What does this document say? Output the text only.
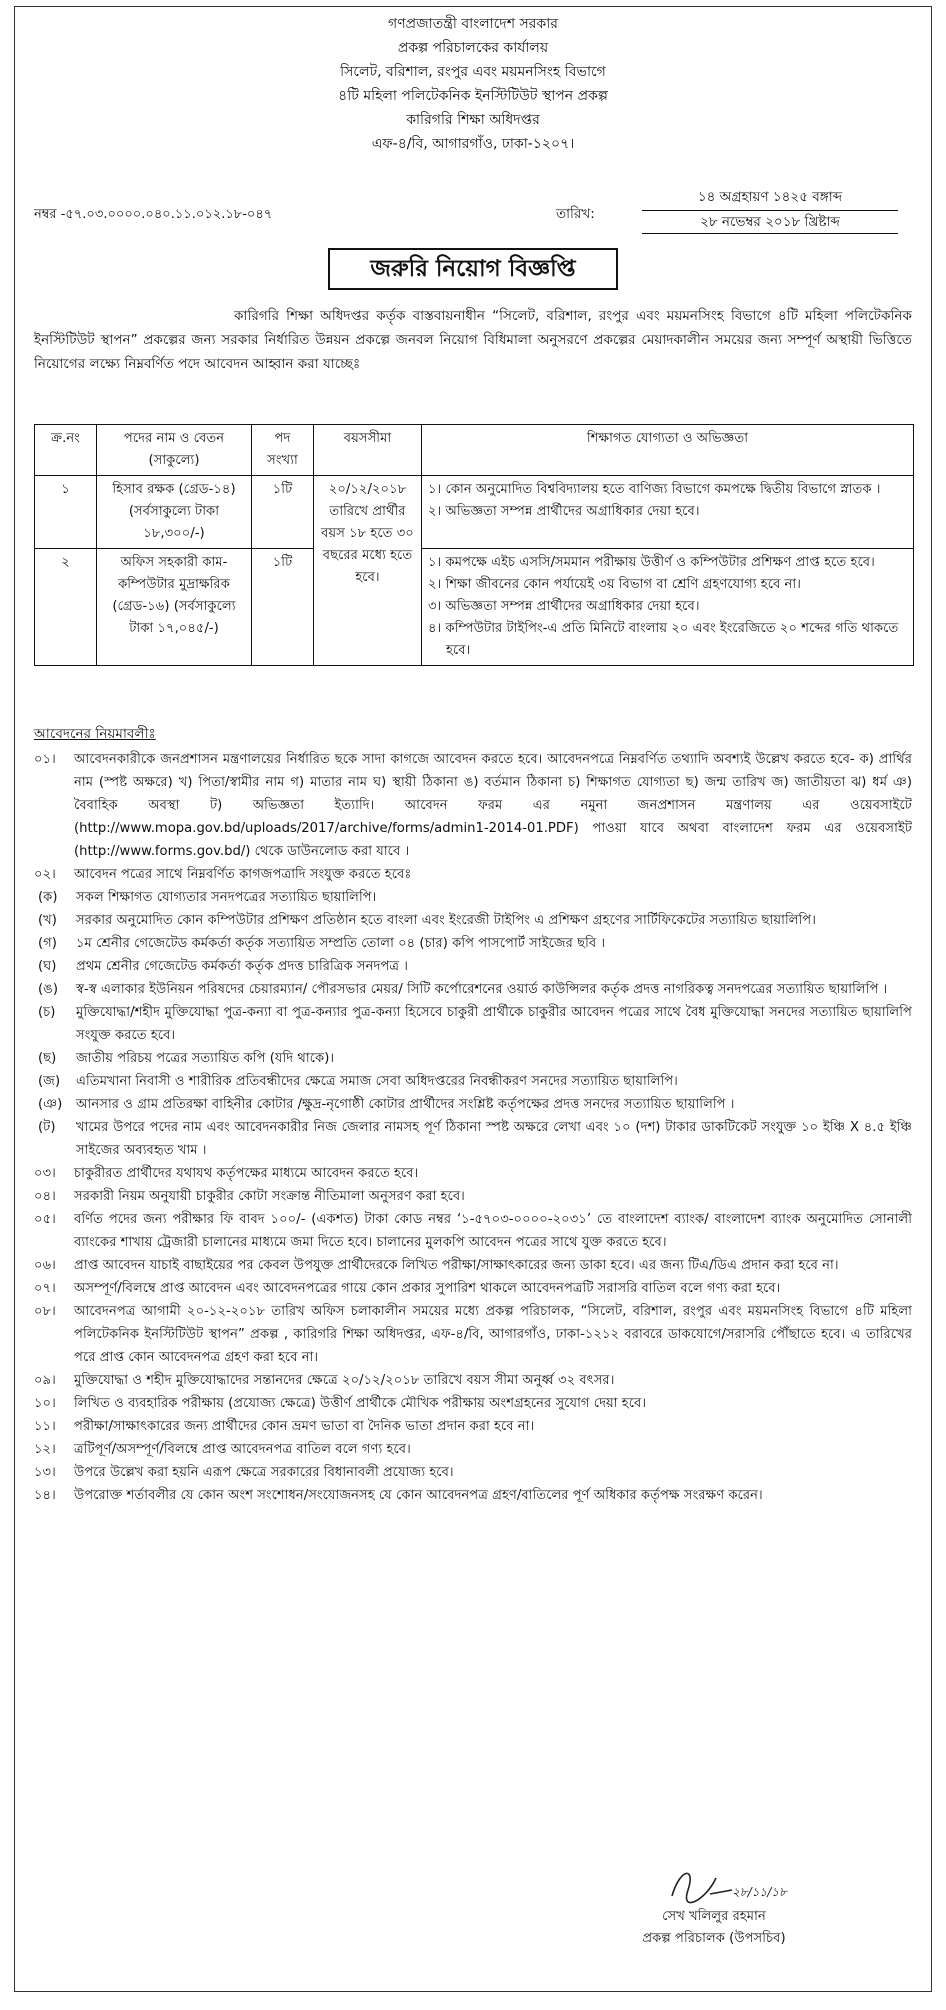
গণপ্রজাতন্ত্রী বাংলাদেশ সরকার
প্রকল্প পরিচালকের কার্যালয়
সিলেট, বরিশাল, রংপুর এবং ময়মনসিংহ বিভাগে
৪টি মহিলা পলিটেকনিক ইনস্টিটিউট স্থাপন প্রকল্প
কারিগরি শিক্ষা অধিদপ্তর
এফ-৪/বি, আগারগাঁও, ঢাকা-১২০৭।
নম্বর -৫৭.০৩.০০০০.০৪০.১১.০১২.১৮-০৪৭	তারিখ:
১৪ অগ্রহায়ণ ১৪২৫ বঙ্গাব্দ
২৮ নভেম্বর ২০১৮ খ্রিষ্টাব্দ
জরুরি নিয়োগ বিজ্ঞপ্তি

কারিগরি শিক্ষা অধিদপ্তর কর্তৃক বাস্তবায়নাধীন “সিলেট, বরিশাল, রংপুর এবং ময়মনসিংহ বিভাগে ৪টি মহিলা পলিটেকনিক ইনস্টিটিউট স্থাপন” প্রকল্পের জন্য সরকার নির্ধারিত উন্নয়ন প্রকল্পে জনবল নিয়োগ বিধিমালা অনুসরণে প্রকল্পের মেয়াদকালীন সময়ের জন্য সম্পূর্ণ অস্থায়ী ভিত্তিতে নিয়োগের লক্ষ্যে নিম্নবর্ণিত পদে আবেদন আহ্বান করা যাচ্ছেঃ

ক্র.নং	পদের নাম ও বেতন (সাকুল্যে)	পদ সংখ্যা	বয়সসীমা	শিক্ষাগত যোগ্যতা ও অভিজ্ঞতা
১	হিসাব রক্ষক (গ্রেড-১৪) (সর্বসাকুল্যে টাকা ১৮,৩০০/-)	১টি	২০/১২/২০১৮ তারিখে প্রার্থীর বয়স ১৮ হতে ৩০ বছরের মধ্যে হতে হবে।	১। কোন অনুমোদিত বিশ্ববিদ্যালয় হতে বাণিজ্য বিভাগে কমপক্ষে দ্বিতীয় বিভাগে স্নাতক ।
২। অভিজ্ঞতা সম্পন্ন প্রার্থীদের অগ্রাধিকার দেয়া হবে।

২	অফিস সহকারী কাম-কম্পিউটার মুদ্রাক্ষরিক (গ্রেড-১৬) (সর্বসাকুল্যে টাকা ১৭,০৪৫/-)	১টি		১। কমপক্ষে এইচ এসসি/সমমান পরীক্ষায় উত্তীর্ণ ও কম্পিউটার প্রশিক্ষণ প্রাপ্ত হতে হবে।
২। শিক্ষা জীবনের কোন পর্যায়েই ৩য় বিভাগ বা শ্রেণি গ্রহণযোগ্য হবে না।
৩। অভিজ্ঞতা সম্পন্ন প্রার্থীদের অগ্রাধিকার দেয়া হবে।
৪। কম্পিউটার টাইপিং-এ প্রতি মিনিটে বাংলায় ২০ এবং ইংরেজিতে ২০ শব্দের গতি থাকতে হবে।
আবেদনের নিয়মাবলীঃ
০১।	আবেদনকারীকে জনপ্রশাসন মন্ত্রণালয়ের নির্ধারিত ছকে সাদা কাগজে আবেদন করতে হবে। আবেদনপত্রে নিম্নবর্ণিত তথ্যাদি অবশ্যই উল্লেখ করতে হবে- ক) প্রার্থির নাম (স্পষ্ট অক্ষরে) খ) পিতা/স্বামীর নাম গ) মাতার নাম ঘ) স্থায়ী ঠিকানা ঙ) বর্তমান ঠিকানা চ) শিক্ষাগত যোগ্যতা ছ) জন্ম তারিখ জ) জাতীয়তা ঝ) ধর্ম ঞ) বৈবাহিক অবস্থা ট) অভিজ্ঞতা ইত্যাদি। আবেদন ফরম এর নমুনা জনপ্রশাসন মন্ত্রণালয় এর ওয়েবসাইটে (http://www.mopa.gov.bd/uploads/2017/archive/forms/admin1-2014-01.PDF) পাওয়া যাবে অথবা বাংলাদেশ ফরম এর ওয়েবসাইট (http://www.forms.gov.bd/) থেকে ডাউনলোড করা যাবে ।
০২।	আবেদন পত্রের সাথে নিম্নবর্ণিত কাগজপত্রাদি সংযুক্ত করতে হবেঃ
(ক) সকল শিক্ষাগত যোগ্যতার সনদপত্রের সত্যায়িত ছায়ালিপি।
(খ) সরকার অনুমোদিত কোন কম্পিউটার প্রশিক্ষণ প্রতিষ্ঠান হতে বাংলা এবং ইংরেজী টাইপিং এ প্রশিক্ষণ গ্রহণের সার্টিফিকেটের সত্যায়িত ছায়ালিপি।
(গ) ১ম শ্রেনীর গেজেটেড কর্মকর্তা কর্তৃক সত্যায়িত সম্প্রতি তোলা ০৪ (চার) কপি পাসপোর্ট সাইজের ছবি ।
(ঘ) প্রথম শ্রেনীর গেজেটেড কর্মকর্তা কর্তৃক প্রদত্ত চারিত্রিক সনদপত্র ।
(ঙ) স্ব-স্ব এলাকার ইউনিয়ন পরিষদের চেয়ারম্যান/ পৌরসভার মেয়র/ সিটি কর্পোরেশনের ওয়ার্ড কাউন্সিলর কর্তৃক প্রদত্ত নাগরিকত্ব সনদপত্রের সত্যায়িত ছায়ালিপি ।
(চ) মুক্তিযোদ্ধা/শহীদ মুক্তিযোদ্ধা পুত্র-কন্যা বা পুত্র-কন্যার পুত্র-কন্যা হিসেবে চাকুরী প্রার্থীকে চাকুরীর আবেদন পত্রের সাথে বৈধ মুক্তিযোদ্ধা সনদের সত্যায়িত ছায়ালিপি সংযুক্ত করতে হবে।
(ছ) জাতীয় পরিচয় পত্রের সত্যায়িত কপি (যদি থাকে)।
(জ) এতিমখানা নিবাসী ও শারীরিক প্রতিবন্ধীদের ক্ষেত্রে সমাজ সেবা অধিদপ্তরের নিবন্ধীকরণ সনদের সত্যায়িত ছায়ালিপি।
(ঞ) আনসার ও গ্রাম প্রতিরক্ষা বাহিনীর কোটার /ক্ষুদ্র-নৃগোষ্ঠী কোটার প্রার্থীদের সংশ্লিষ্ট কর্তৃপক্ষের প্রদত্ত সনদের সত্যায়িত ছায়ালিপি ।
(ট) খামের উপরে পদের নাম এবং আবেদনকারীর নিজ জেলার নামসহ পূর্ণ ঠিকানা স্পষ্ট অক্ষরে লেখা এবং ১০ (দশ) টাকার ডাকটিকেট সংযুক্ত ১০ ইঞ্চি X ৪.৫ ইঞ্চি সাইজের অব্যবহৃত খাম ।
০৩।	চাকুরীরত প্রার্থীদের যথাযথ কর্তৃপক্ষের মাধ্যমে আবেদন করতে হবে।
০৪।	সরকারী নিয়ম অনুযায়ী চাকুরীর কোটা সংক্রান্ত নীতিমালা অনুসরণ করা হবে।
০৫।	বর্ণিত পদের জন্য পরীক্ষার ফি বাবদ ১০০/- (একশত) টাকা কোড নম্বর ‘১-৫৭০৩-০০০০-২০৩১’ তে বাংলাদেশ ব্যাংক/ বাংলাদেশ ব্যাংক অনুমোদিত সোনালী ব্যাংকের শাখায় ট্রেজারী চালানের মাধ্যমে জমা দিতে হবে। চালানের মুলকপি আবেদন পত্রের সাথে যুক্ত করতে হবে।
০৬।	প্রাপ্ত আবেদন যাচাই বাছাইয়ের পর কেবল উপযুক্ত প্রার্থীদেরকে লিখিত পরীক্ষা/সাক্ষাৎকারের জন্য ডাকা হবে। এর জন্য টিএ/ডিএ প্রদান করা হবে না।
০৭।	অসম্পূর্ণ/বিলম্বে প্রাপ্ত আবেদন এবং আবেদনপত্রের গায়ে কোন প্রকার সুপারিশ থাকলে আবেদনপত্রটি সরাসরি বাতিল বলে গণ্য করা হবে।
০৮।	আবেদনপত্র আগামী ২০-১২-২০১৮ তারিখ অফিস চলাকালীন সময়ের মধ্যে প্রকল্প পরিচালক, “সিলেট, বরিশাল, রংপুর এবং ময়মনসিংহ বিভাগে ৪টি মহিলা পলিটেকনিক ইনস্টিটিউট স্থাপন” প্রকল্প , কারিগরি শিক্ষা অধিদপ্তর, এফ-৪/বি, আগারগাঁও, ঢাকা-১২১২ বরাবরে ডাকযোগে/সরাসরি পৌঁছাতে হবে। এ তারিখের পরে প্রাপ্ত কোন আবেদনপত্র গ্রহণ করা হবে না।
০৯।	মুক্তিযোদ্ধা ও শহীদ মুক্তিযোদ্ধাদের সন্তানদের ক্ষেত্রে ২০/১২/২০১৮ তারিখে বয়স সীমা অনুর্ধ্ব ৩২ বৎসর।
১০।	লিখিত ও ব্যবহারিক পরীক্ষায় (প্রযোজ্য ক্ষেত্রে) উত্তীর্ণ প্রার্থীকে মৌখিক পরীক্ষায় অংশগ্রহনের সুযোগ দেয়া হবে।
১১।	পরীক্ষা/সাক্ষাৎকারের জন্য প্রার্থীদের কোন ভ্রমণ ভাতা বা দৈনিক ভাতা প্রদান করা হবে না।
১২।	ত্রটিপূর্ণ/অসম্পূর্ণ/বিলম্বে প্রাপ্ত আবেদনপত্র বাতিল বলে গণ্য হবে।
১৩।	উপরে উল্লেখ করা হয়নি এরূপ ক্ষেত্রে সরকারের বিধানাবলী প্রযোজ্য হবে।
১৪।	উপরোক্ত শর্তাবলীর যে কোন অংশ সংশোধন/সংযোজনসহ যে কোন আবেদনপত্র গ্রহণ/বাতিলের পূর্ণ অধিকার কর্তৃপক্ষ সংরক্ষণ করেন।
২৮/১১/১৮
সেখ খলিলুর রহমান
প্রকল্প পরিচালক (উপসচিব)
